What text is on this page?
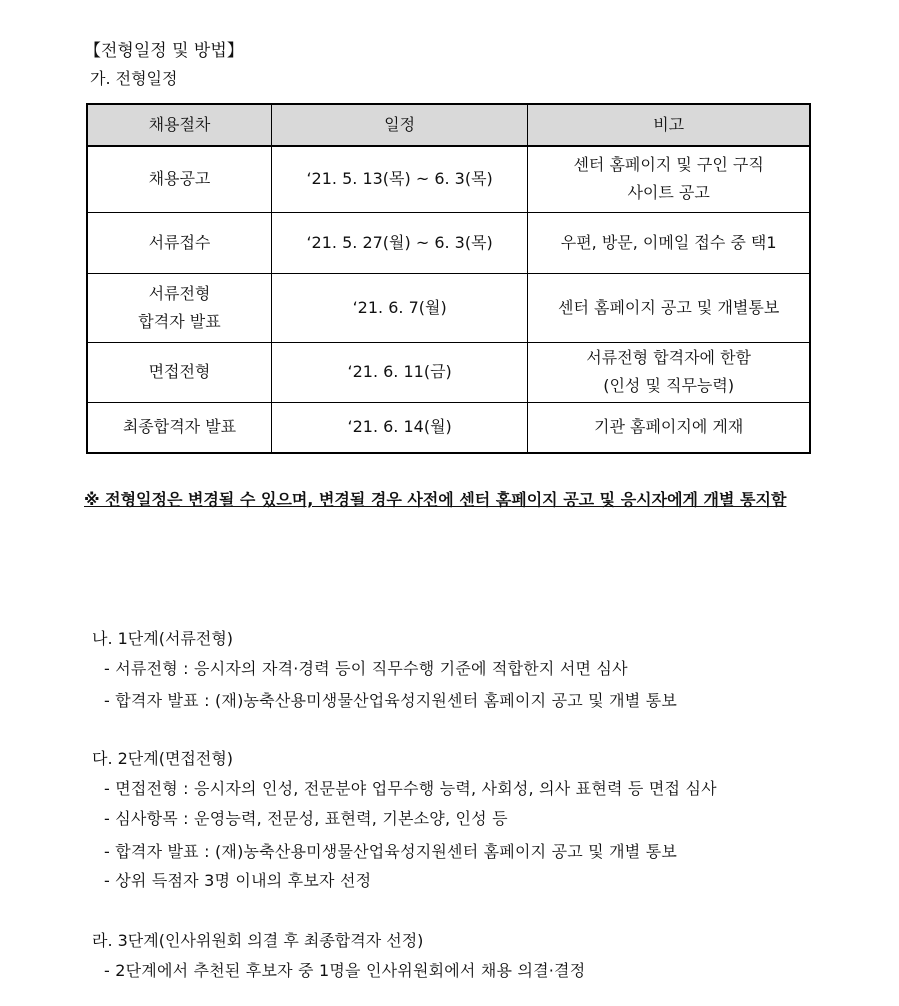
【전형일정 및 방법】
가. 전형일정
채용절차	일정	비고
채용공고	‘21. 5. 13(목) ~ 6. 3(목)	센터 홈페이지 및 구인 구직
사이트 공고

서류접수	‘21. 5. 27(월) ~ 6. 3(목)	우편, 방문, 이메일 접수 중 택1

서류전형
합격자 발표	‘21. 6. 7(월)	센터 홈페이지 공고 및 개별통보
면접전형	‘21. 6. 11(금)	서류전형 합격자에 한함
(인성 및 직무능력)

최종합격자 발표	‘21. 6. 14(월)	기관 홈페이지에 게재
※ 전형일정은 변경될 수 있으며, 변경될 경우 사전에 센터 홈페이지 공고 및 응시자에게 개별 통지함
나. 1단계(서류전형)
- 서류전형 : 응시자의 자격·경력 등이 직무수행 기준에 적합한지 서면 심사
- 합격자 발표 : (재)농축산용미생물산업육성지원센터 홈페이지 공고 및 개별 통보
다. 2단계(면접전형)
- 면접전형 : 응시자의 인성, 전문분야 업무수행 능력, 사회성, 의사 표현력 등 면접 심사
- 심사항목 : 운영능력, 전문성, 표현력, 기본소양, 인성 등
- 합격자 발표 : (재)농축산용미생물산업육성지원센터 홈페이지 공고 및 개별 통보
- 상위 득점자 3명 이내의 후보자 선정
라. 3단계(인사위원회 의결 후 최종합격자 선정)
- 2단계에서 추천된 후보자 중 1명을 인사위원회에서 채용 의결·결정
